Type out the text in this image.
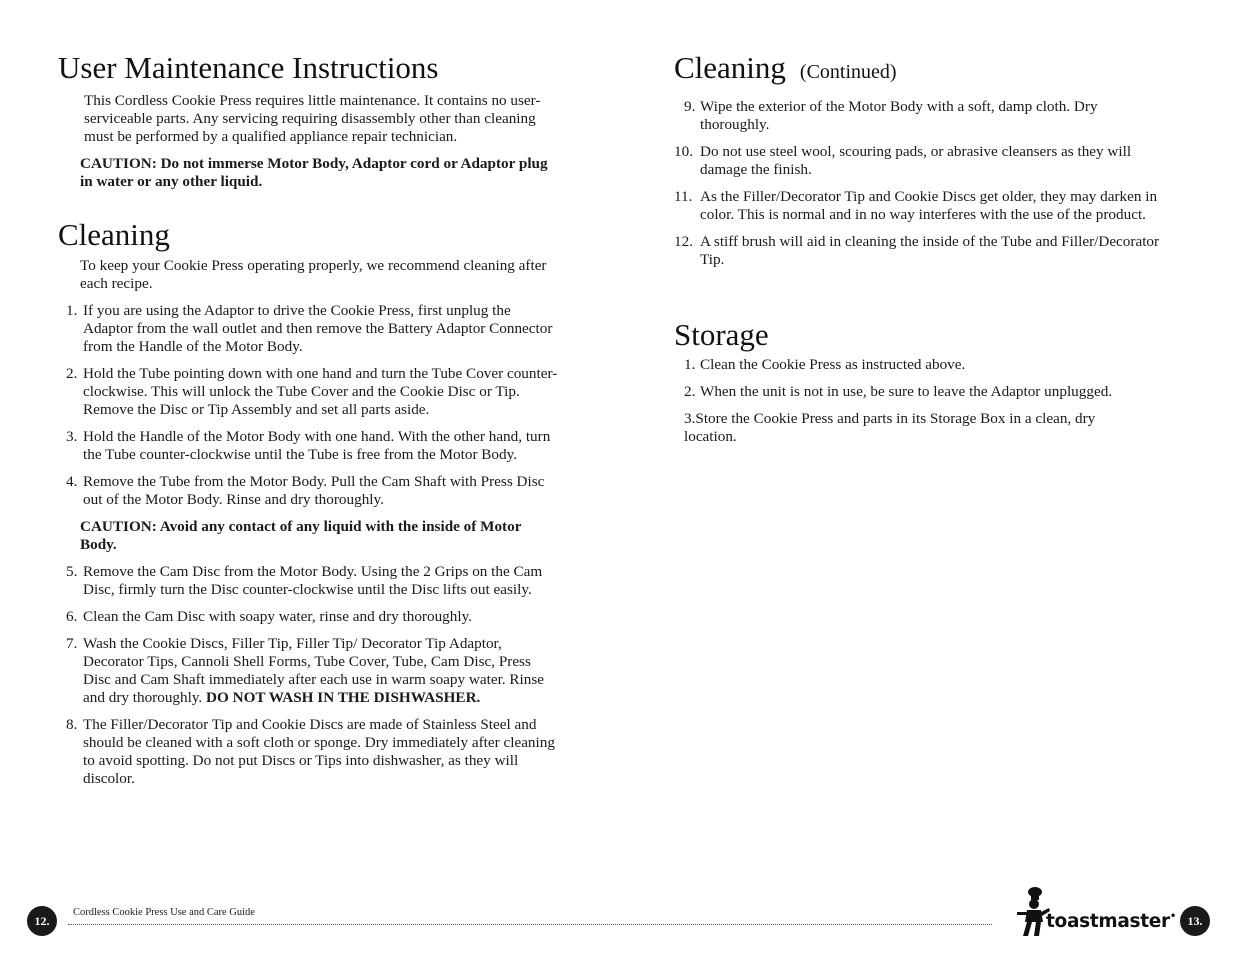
User Maintenance Instructions

This Cordless Cookie Press requires little maintenance. It contains no user-serviceable parts. Any servicing requiring disassembly other than cleaning must be performed by a qualified appliance repair technician.

CAUTION: Do not immerse Motor Body, Adaptor cord or Adaptor plug in water or any other liquid.

Cleaning

To keep your Cookie Press operating properly, we recommend cleaning after each recipe.

1. If you are using the Adaptor to drive the Cookie Press, first unplug the Adaptor from the wall outlet and then remove the Battery Adaptor Connector from the Handle of the Motor Body.
2. Hold the Tube pointing down with one hand and turn the Tube Cover counter-clockwise. This will unlock the Tube Cover and the Cookie Disc or Tip. Remove the Disc or Tip Assembly and set all parts aside.
3. Hold the Handle of the Motor Body with one hand. With the other hand, turn the Tube counter-clockwise until the Tube is free from the Motor Body.
4. Remove the Tube from the Motor Body. Pull the Cam Shaft with Press Disc out of the Motor Body. Rinse and dry thoroughly.

CAUTION: Avoid any contact of any liquid with the inside of Motor Body.

5. Remove the Cam Disc from the Motor Body. Using the 2 Grips on the Cam Disc, firmly turn the Disc counter-clockwise until the Disc lifts out easily.
6. Clean the Cam Disc with soapy water, rinse and dry thoroughly.
7. Wash the Cookie Discs, Filler Tip, Filler Tip/ Decorator Tip Adaptor, Decorator Tips, Cannoli Shell Forms, Tube Cover, Tube, Cam Disc, Press Disc and Cam Shaft immediately after each use in warm soapy water. Rinse and dry thoroughly. DO NOT WASH IN THE DISHWASHER.
8. The Filler/Decorator Tip and Cookie Discs are made of Stainless Steel and should be cleaned with a soft cloth or sponge. Dry immediately after cleaning to avoid spotting. Do not put Discs or Tips into dishwasher, as they will discolor.
Cleaning (Continued)
9. Wipe the exterior of the Motor Body with a soft, damp cloth. Dry thoroughly.
10. Do not use steel wool, scouring pads, or abrasive cleansers as they will damage the finish.
11. As the Filler/Decorator Tip and Cookie Discs get older, they may darken in color. This is normal and in no way interferes with the use of the product.
12. A stiff brush will aid in cleaning the inside of the Tube and Filler/Decorator Tip.
Storage
1. Clean the Cookie Press as instructed above.
2. When the unit is not in use, be sure to leave the Adaptor unplugged.

3.Store the Cookie Press and parts in its Storage Box in a clean, dry location.

12.
Cordless Cookie Press Use and Care Guide	toastmaster• 13.
